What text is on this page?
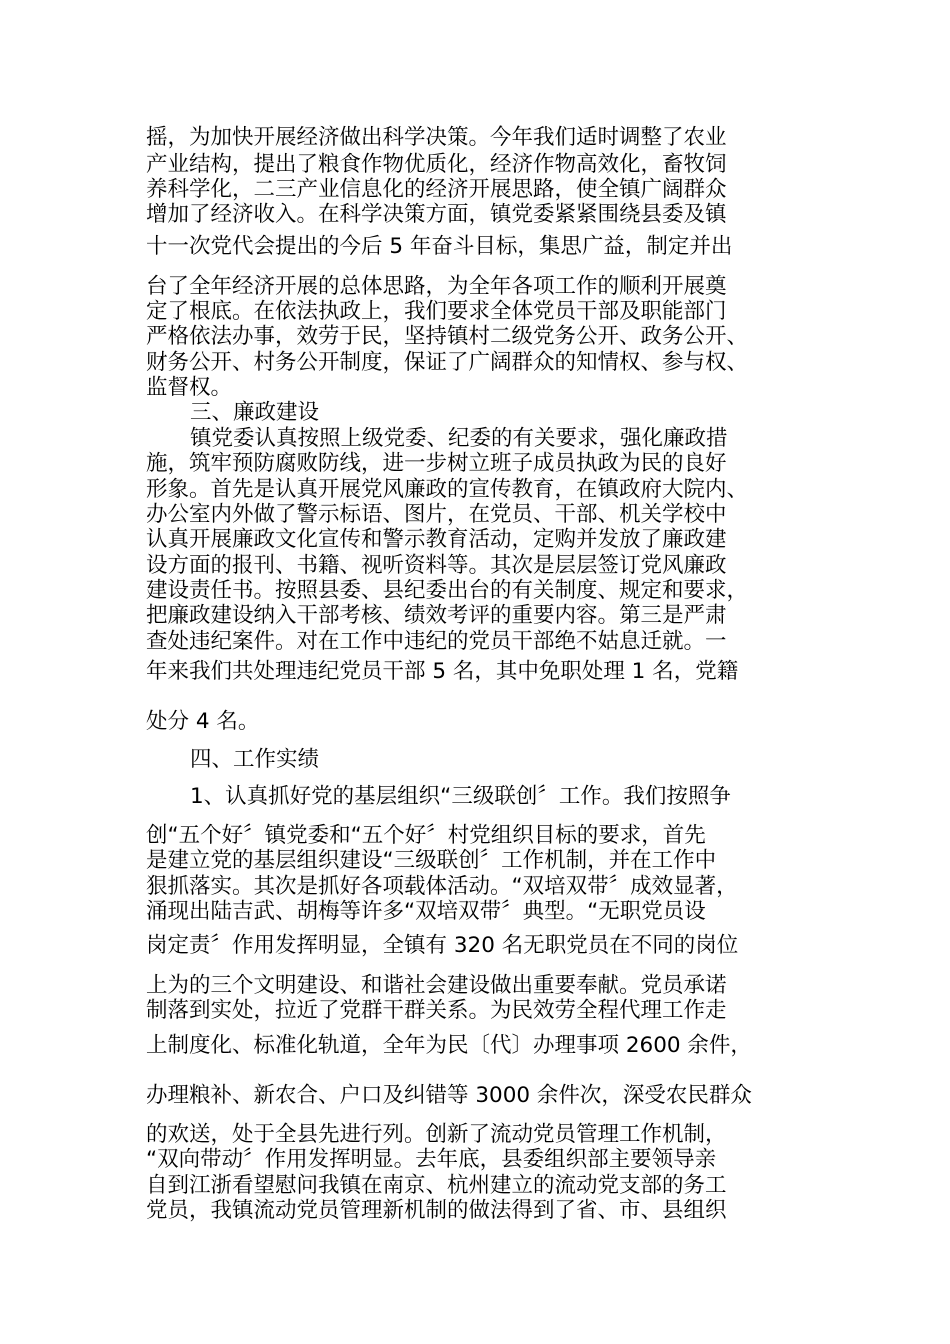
摇，为加快开展经济做出科学决策。今年我们适时调整了农业
产业结构，提出了粮食作物优质化，经济作物高效化，畜牧饲
养科学化，二三产业信息化的经济开展思路，使全镇广阔群众
增加了经济收入。在科学决策方面，镇党委紧紧围绕县委及镇
十一次党代会提出的今后 5 年奋斗目标，集思广益，制定并出
台了全年经济开展的总体思路，为全年各项工作的顺利开展奠
定了根底。在依法执政上，我们要求全体党员干部及职能部门
严格依法办事，效劳于民，坚持镇村二级党务公开、政务公开、
财务公开、村务公开制度，保证了广阔群众的知情权、参与权、
监督权。
三、廉政建设
镇党委认真按照上级党委、纪委的有关要求，强化廉政措
施，筑牢预防腐败防线，进一步树立班子成员执政为民的良好
形象。首先是认真开展党风廉政的宣传教育，在镇政府大院内、
办公室内外做了警示标语、图片，在党员、干部、机关学校中
认真开展廉政文化宣传和警示教育活动，定购并发放了廉政建
设方面的报刊、书籍、视听资料等。其次是层层签订党风廉政
建设责任书。按照县委、县纪委出台的有关制度、规定和要求，
把廉政建设纳入干部考核、绩效考评的重要内容。第三是严肃
查处违纪案件。对在工作中违纪的党员干部绝不姑息迁就。一
年来我们共处理违纪党员干部 5 名，其中免职处理 1 名，党籍
处分 4 名。
四、工作实绩
1、认真抓好党的基层组织“三级联创〞工作。我们按照争
创“五个好〞镇党委和“五个好〞村党组织目标的要求，首先
是建立党的基层组织建设“三级联创〞工作机制，并在工作中
狠抓落实。其次是抓好各项载体活动。“双培双带〞成效显著，
涌现出陆吉武、胡梅等许多“双培双带〞典型。“无职党员设
岗定责〞作用发挥明显，全镇有 320 名无职党员在不同的岗位
上为的三个文明建设、和谐社会建设做出重要奉献。党员承诺
制落到实处，拉近了党群干群关系。为民效劳全程代理工作走
上制度化、标准化轨道，全年为民〔代〕办理事项 2600 余件，
办理粮补、新农合、户口及纠错等 3000 余件次，深受农民群众
的欢送，处于全县先进行列。创新了流动党员管理工作机制，
“双向带动〞作用发挥明显。去年底，县委组织部主要领导亲
自到江浙看望慰问我镇在南京、杭州建立的流动党支部的务工
党员，我镇流动党员管理新机制的做法得到了省、市、县组织
